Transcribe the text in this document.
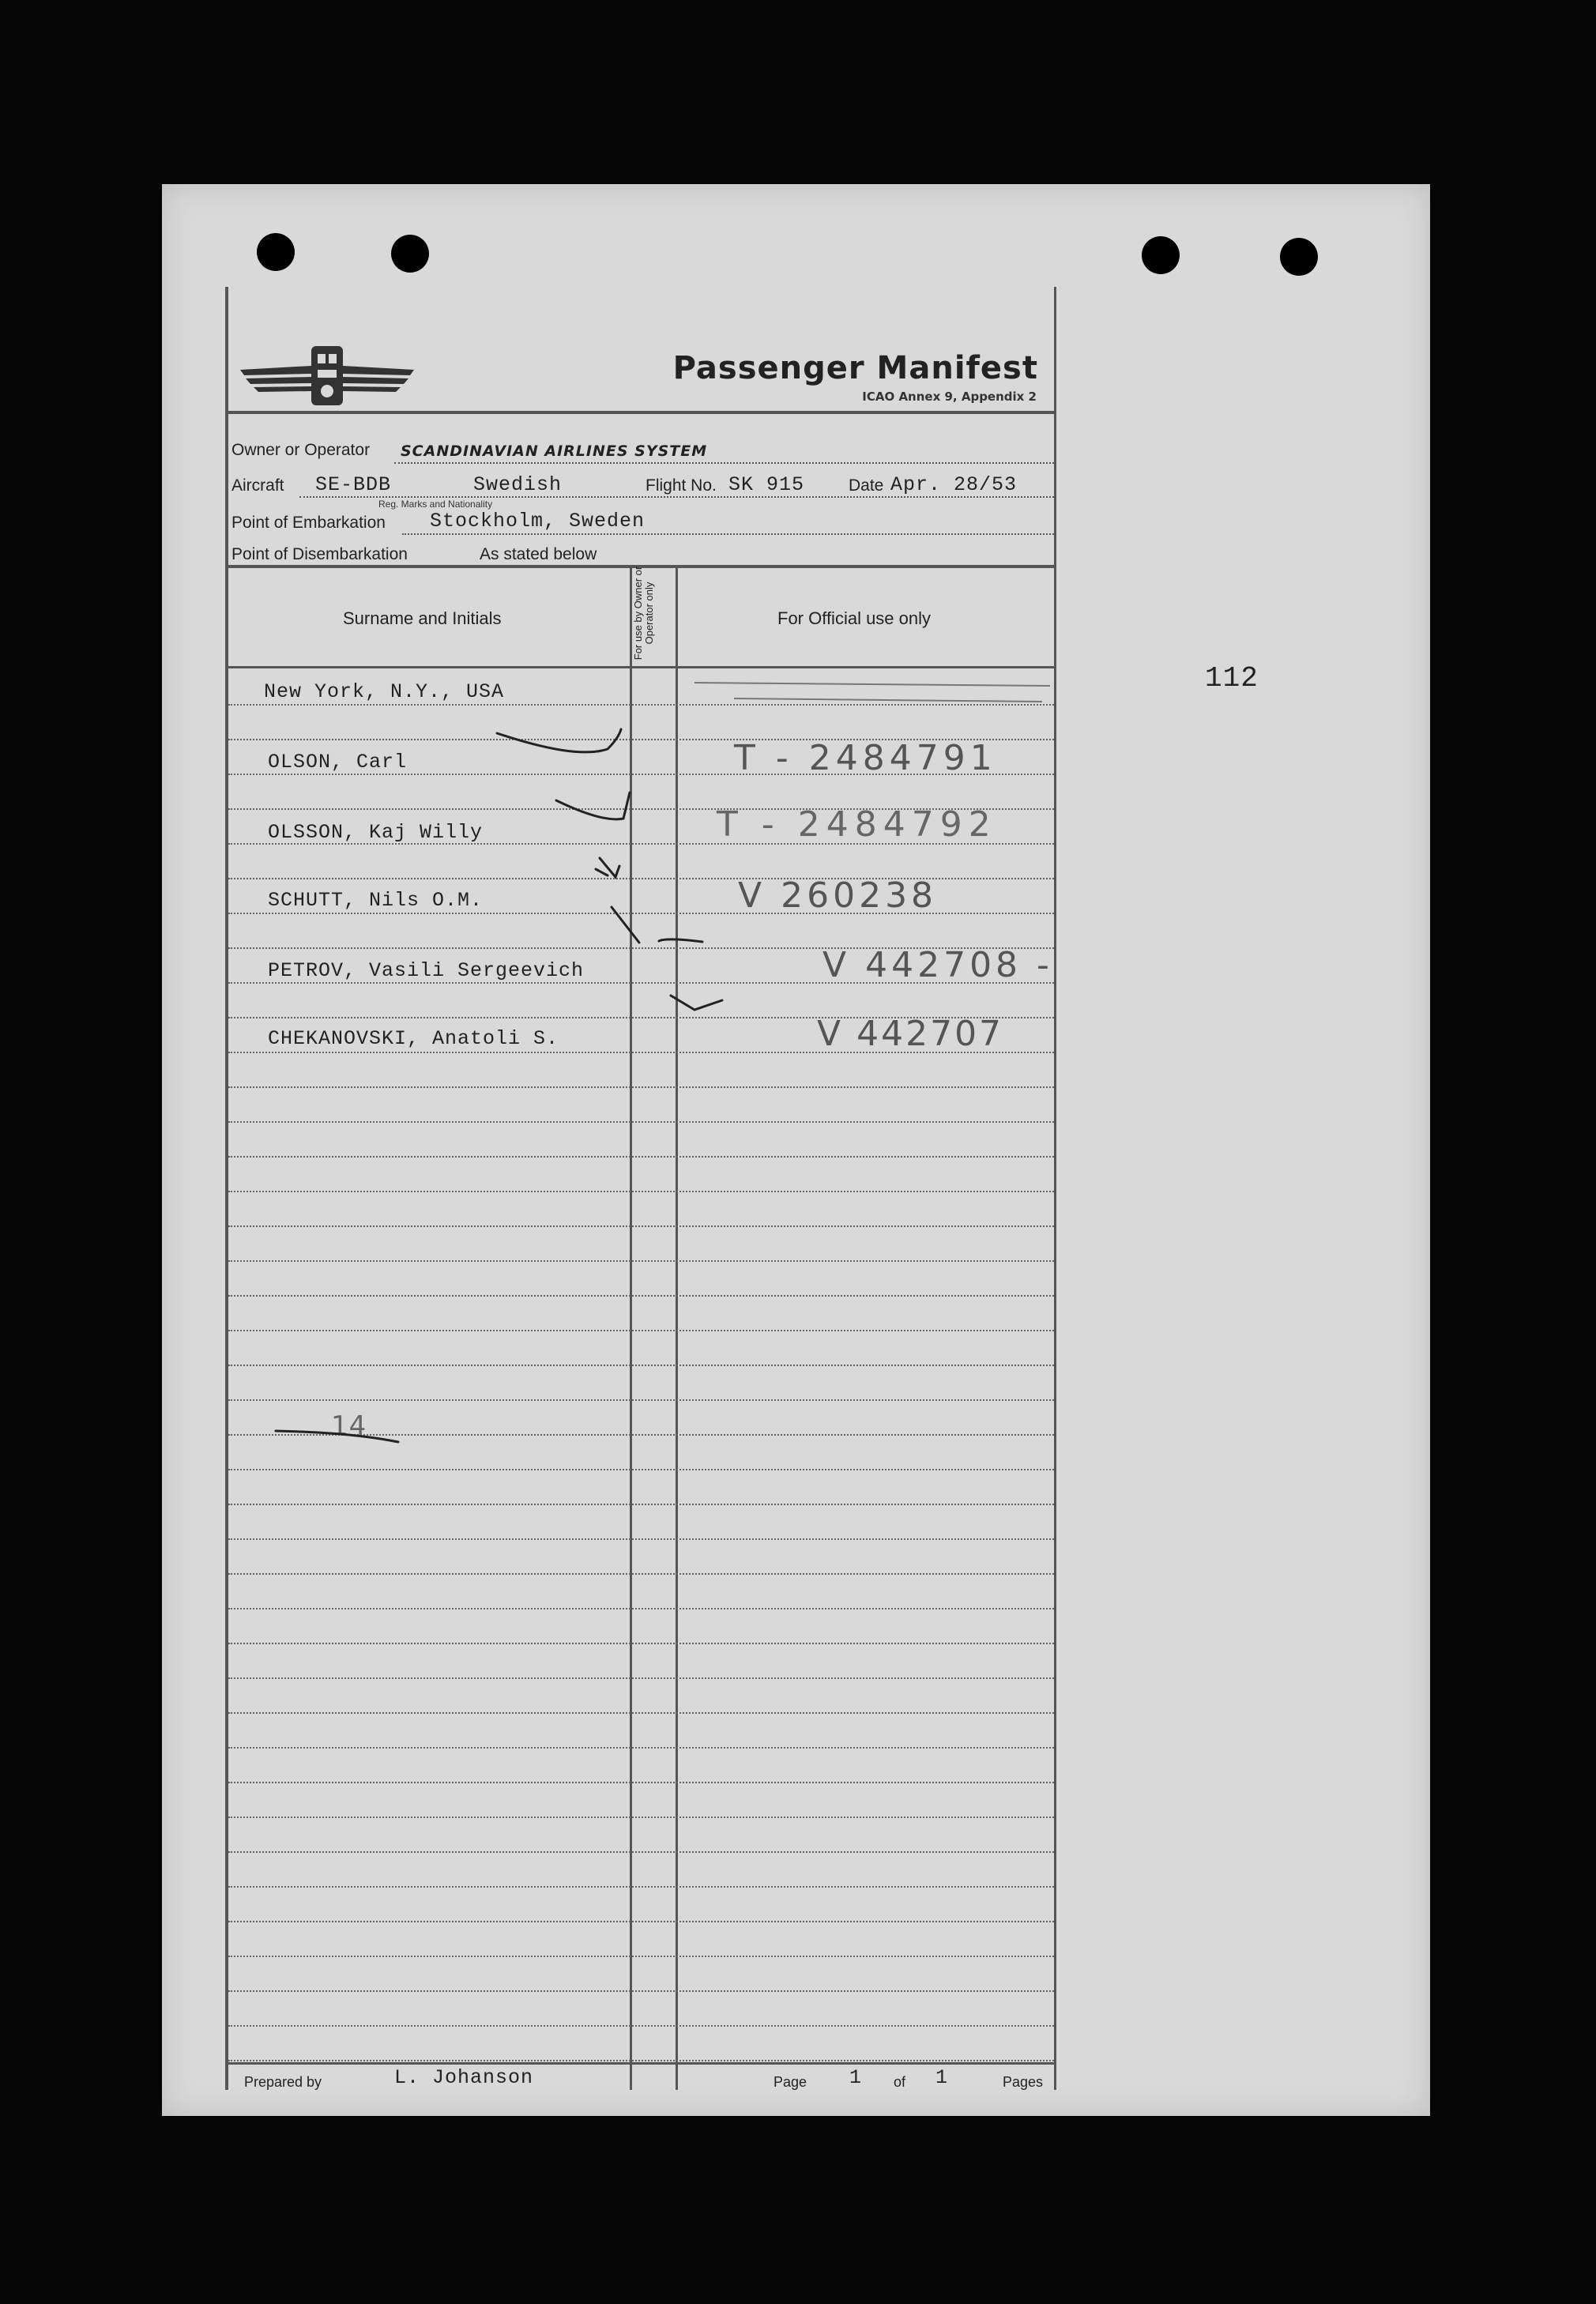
112
Passenger Manifest
ICAO Annex 9, Appendix 2
Owner or Operator SCANDINAVIAN AIRLINES SYSTEM
Aircraft SE-BDB	Swedish	Flight No. SK 915	Date Apr. 28/53
Reg. Marks and Nationality
Point of Embarkation Stockholm, Sweden
Point of Disembarkation	As stated below
Surname and Initials	For use by Owner or Operator only	For Official use only
New York, N.Y., USA
OLSON, Carl	T - 2484791
OLSSON, Kaj Willy	T - 2484792
SCHUTT, Nils O.M.	V 260238
PETROV, Vasili Sergeevich	V 442708 -
CHEKANOVSKI, Anatoli S.	V 442707
14
Prepared by	L. Johanson	Page 1 of 1	Pages
